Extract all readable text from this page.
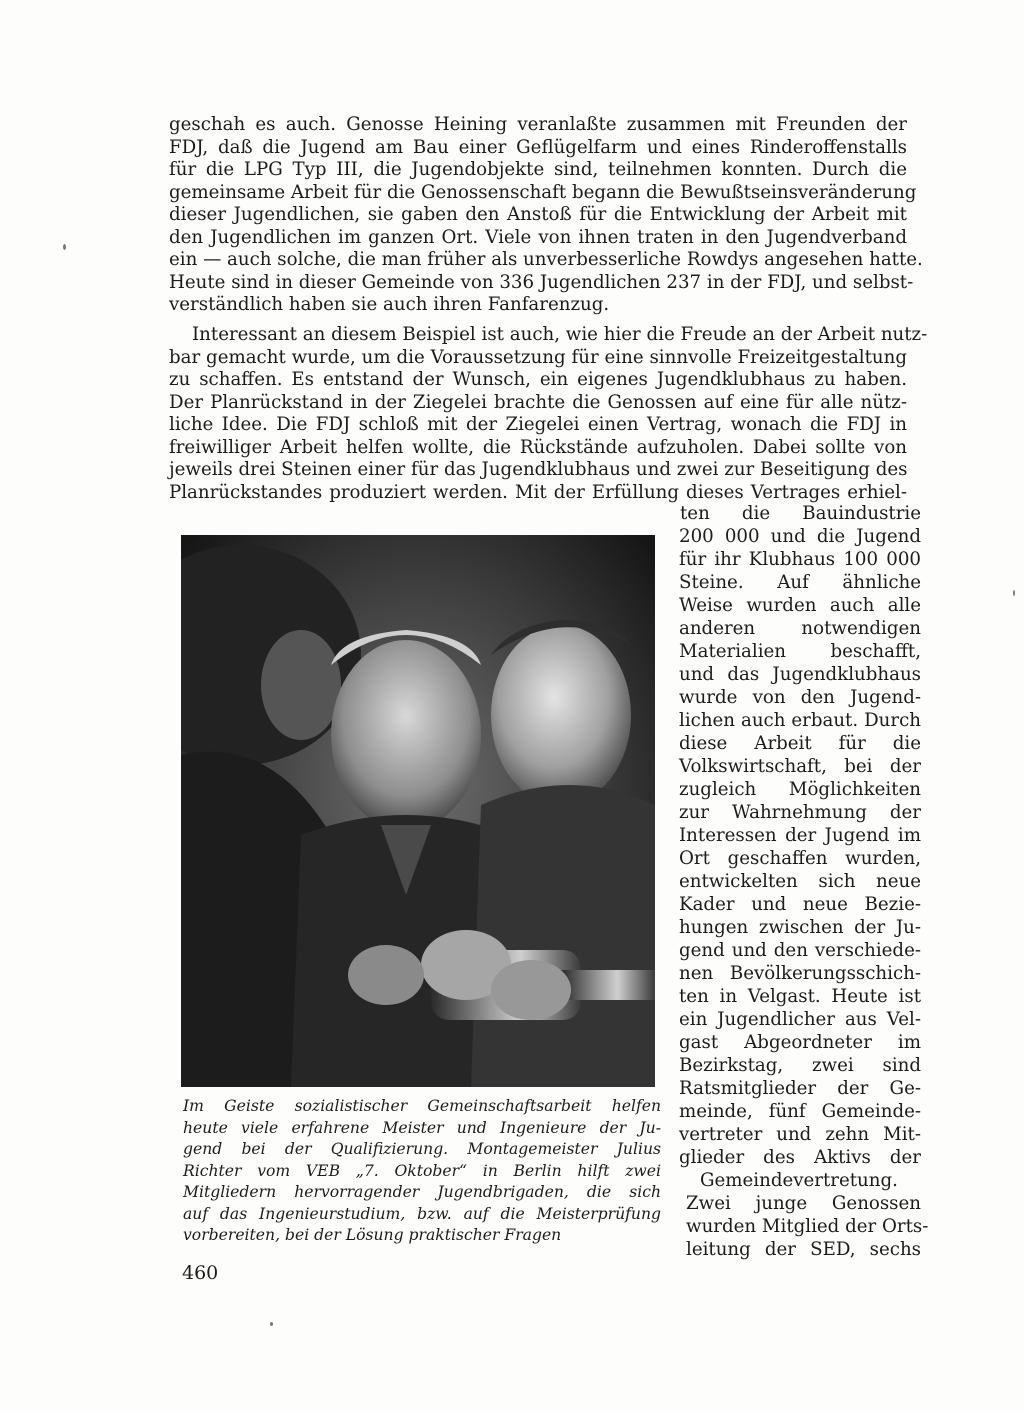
geschah es auch. Genosse Heining veranlaßte zusammen mit Freunden der
FDJ, daß die Jugend am Bau einer Geflügelfarm und eines Rinderoffenstalls
für die LPG Typ III, die Jugendobjekte sind, teilnehmen konnten. Durch die
gemeinsame Arbeit für die Genossenschaft begann die Bewußtseinsveränderung
dieser Jugendlichen, sie gaben den Anstoß für die Entwicklung der Arbeit mit
den Jugendlichen im ganzen Ort. Viele von ihnen traten in den Jugendverband
ein — auch solche, die man früher als unverbesserliche Rowdys angesehen hatte.
Heute sind in dieser Gemeinde von 336 Jugendlichen 237 in der FDJ, und selbst-
verständlich haben sie auch ihren Fanfarenzug.
Interessant an diesem Beispiel ist auch, wie hier die Freude an der Arbeit nutz-
bar gemacht wurde, um die Voraussetzung für eine sinnvolle Freizeitgestaltung
zu schaffen. Es entstand der Wunsch, ein eigenes Jugendklubhaus zu haben.
Der Planrückstand in der Ziegelei brachte die Genossen auf eine für alle nütz-
liche Idee. Die FDJ schloß mit der Ziegelei einen Vertrag, wonach die FDJ in
freiwilliger Arbeit helfen wollte, die Rückstände aufzuholen. Dabei sollte von
jeweils drei Steinen einer für das Jugendklubhaus und zwei zur Beseitigung des
Planrückstandes produziert werden. Mit der Erfüllung dieses Vertrages erhiel-
Im Geiste sozialistischer Gemeinschaftsarbeit helfen
heute viele erfahrene Meister und Ingenieure der Ju-
gend bei der Qualifizierung. Montagemeister Julius
Richter vom VEB „7. Oktober“ in Berlin hilft zwei
Mitgliedern hervorragender Jugendbrigaden, die sich
auf das Ingenieurstudium, bzw. auf die Meisterprüfung
vorbereiten, bei der Lösung praktischer Fragen
ten die Bauindustrie
200 000 und die Jugend
für ihr Klubhaus 100 000
Steine. Auf ähnliche
Weise wurden auch alle
anderen notwendigen
Materialien beschafft,
und das Jugendklubhaus
wurde von den Jugend-
lichen auch erbaut. Durch
diese Arbeit für die
Volkswirtschaft, bei der
zugleich Möglichkeiten
zur Wahrnehmung der
Interessen der Jugend im
Ort geschaffen wurden,
entwickelten sich neue
Kader und neue Bezie-
hungen zwischen der Ju-
gend und den verschiede-
nen Bevölkerungsschich-
ten in Velgast. Heute ist
ein Jugendlicher aus Vel-
gast Abgeordneter im
Bezirkstag, zwei sind
Ratsmitglieder der Ge-
meinde, fünf Gemeinde-
vertreter und zehn Mit-
glieder des Aktivs der
Gemeindevertretung.
Zwei junge Genossen
wurden Mitglied der Orts-
leitung der SED, sechs
460
